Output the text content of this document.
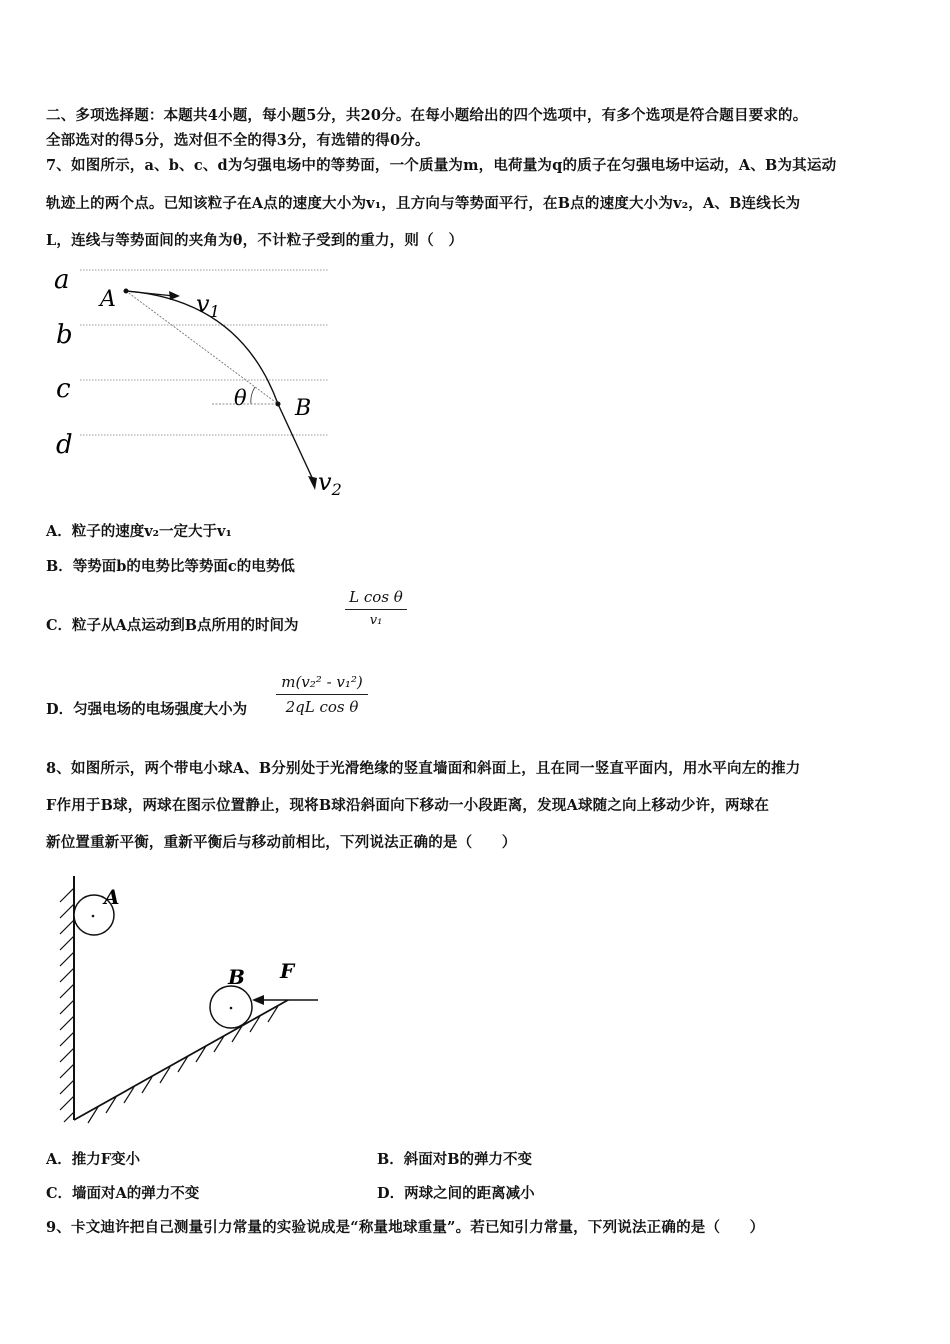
二、多项选择题：本题共4小题，每小题5分，共20分。在每小题给出的四个选项中，有多个选项是符合题目要求的。
全部选对的得5分，选对但不全的得3分，有选错的得0分。
7、如图所示，a、b、c、d为匀强电场中的等势面，一个质量为m，电荷量为q的质子在匀强电场中运动，A、B为其运动
轨迹上的两个点。已知该粒子在A点的速度大小为v₁，且方向与等势面平行，在B点的速度大小为v₂，A、B连线长为
L，连线与等势面间的夹角为θ，不计粒子受到的重力，则（　）
a
b
c
d
A
B
θ
$v_1$
$v_2$
A．粒子的速度v₂一定大于v₁
B．等势面b的电势比等势面c的电势低
C．粒子从A点运动到B点所用的时间为
L cos θ
v₁
D．匀强电场的电场强度大小为
m(v₂² - v₁²)
2qL cos θ
8、如图所示，两个带电小球A、B分别处于光滑绝缘的竖直墙面和斜面上，且在同一竖直平面内，用水平向左的推力
F作用于B球，两球在图示位置静止，现将B球沿斜面向下移动一小段距离，发现A球随之向上移动少许，两球在
新位置重新平衡，重新平衡后与移动前相比，下列说法正确的是（　　）
A
B F
A．推力F变小	B．斜面对B的弹力不变
C．墙面对A的弹力不变	D．两球之间的距离减小
9、卡文迪许把自己测量引力常量的实验说成是“称量地球重量”。若已知引力常量，下列说法正确的是（　　）
